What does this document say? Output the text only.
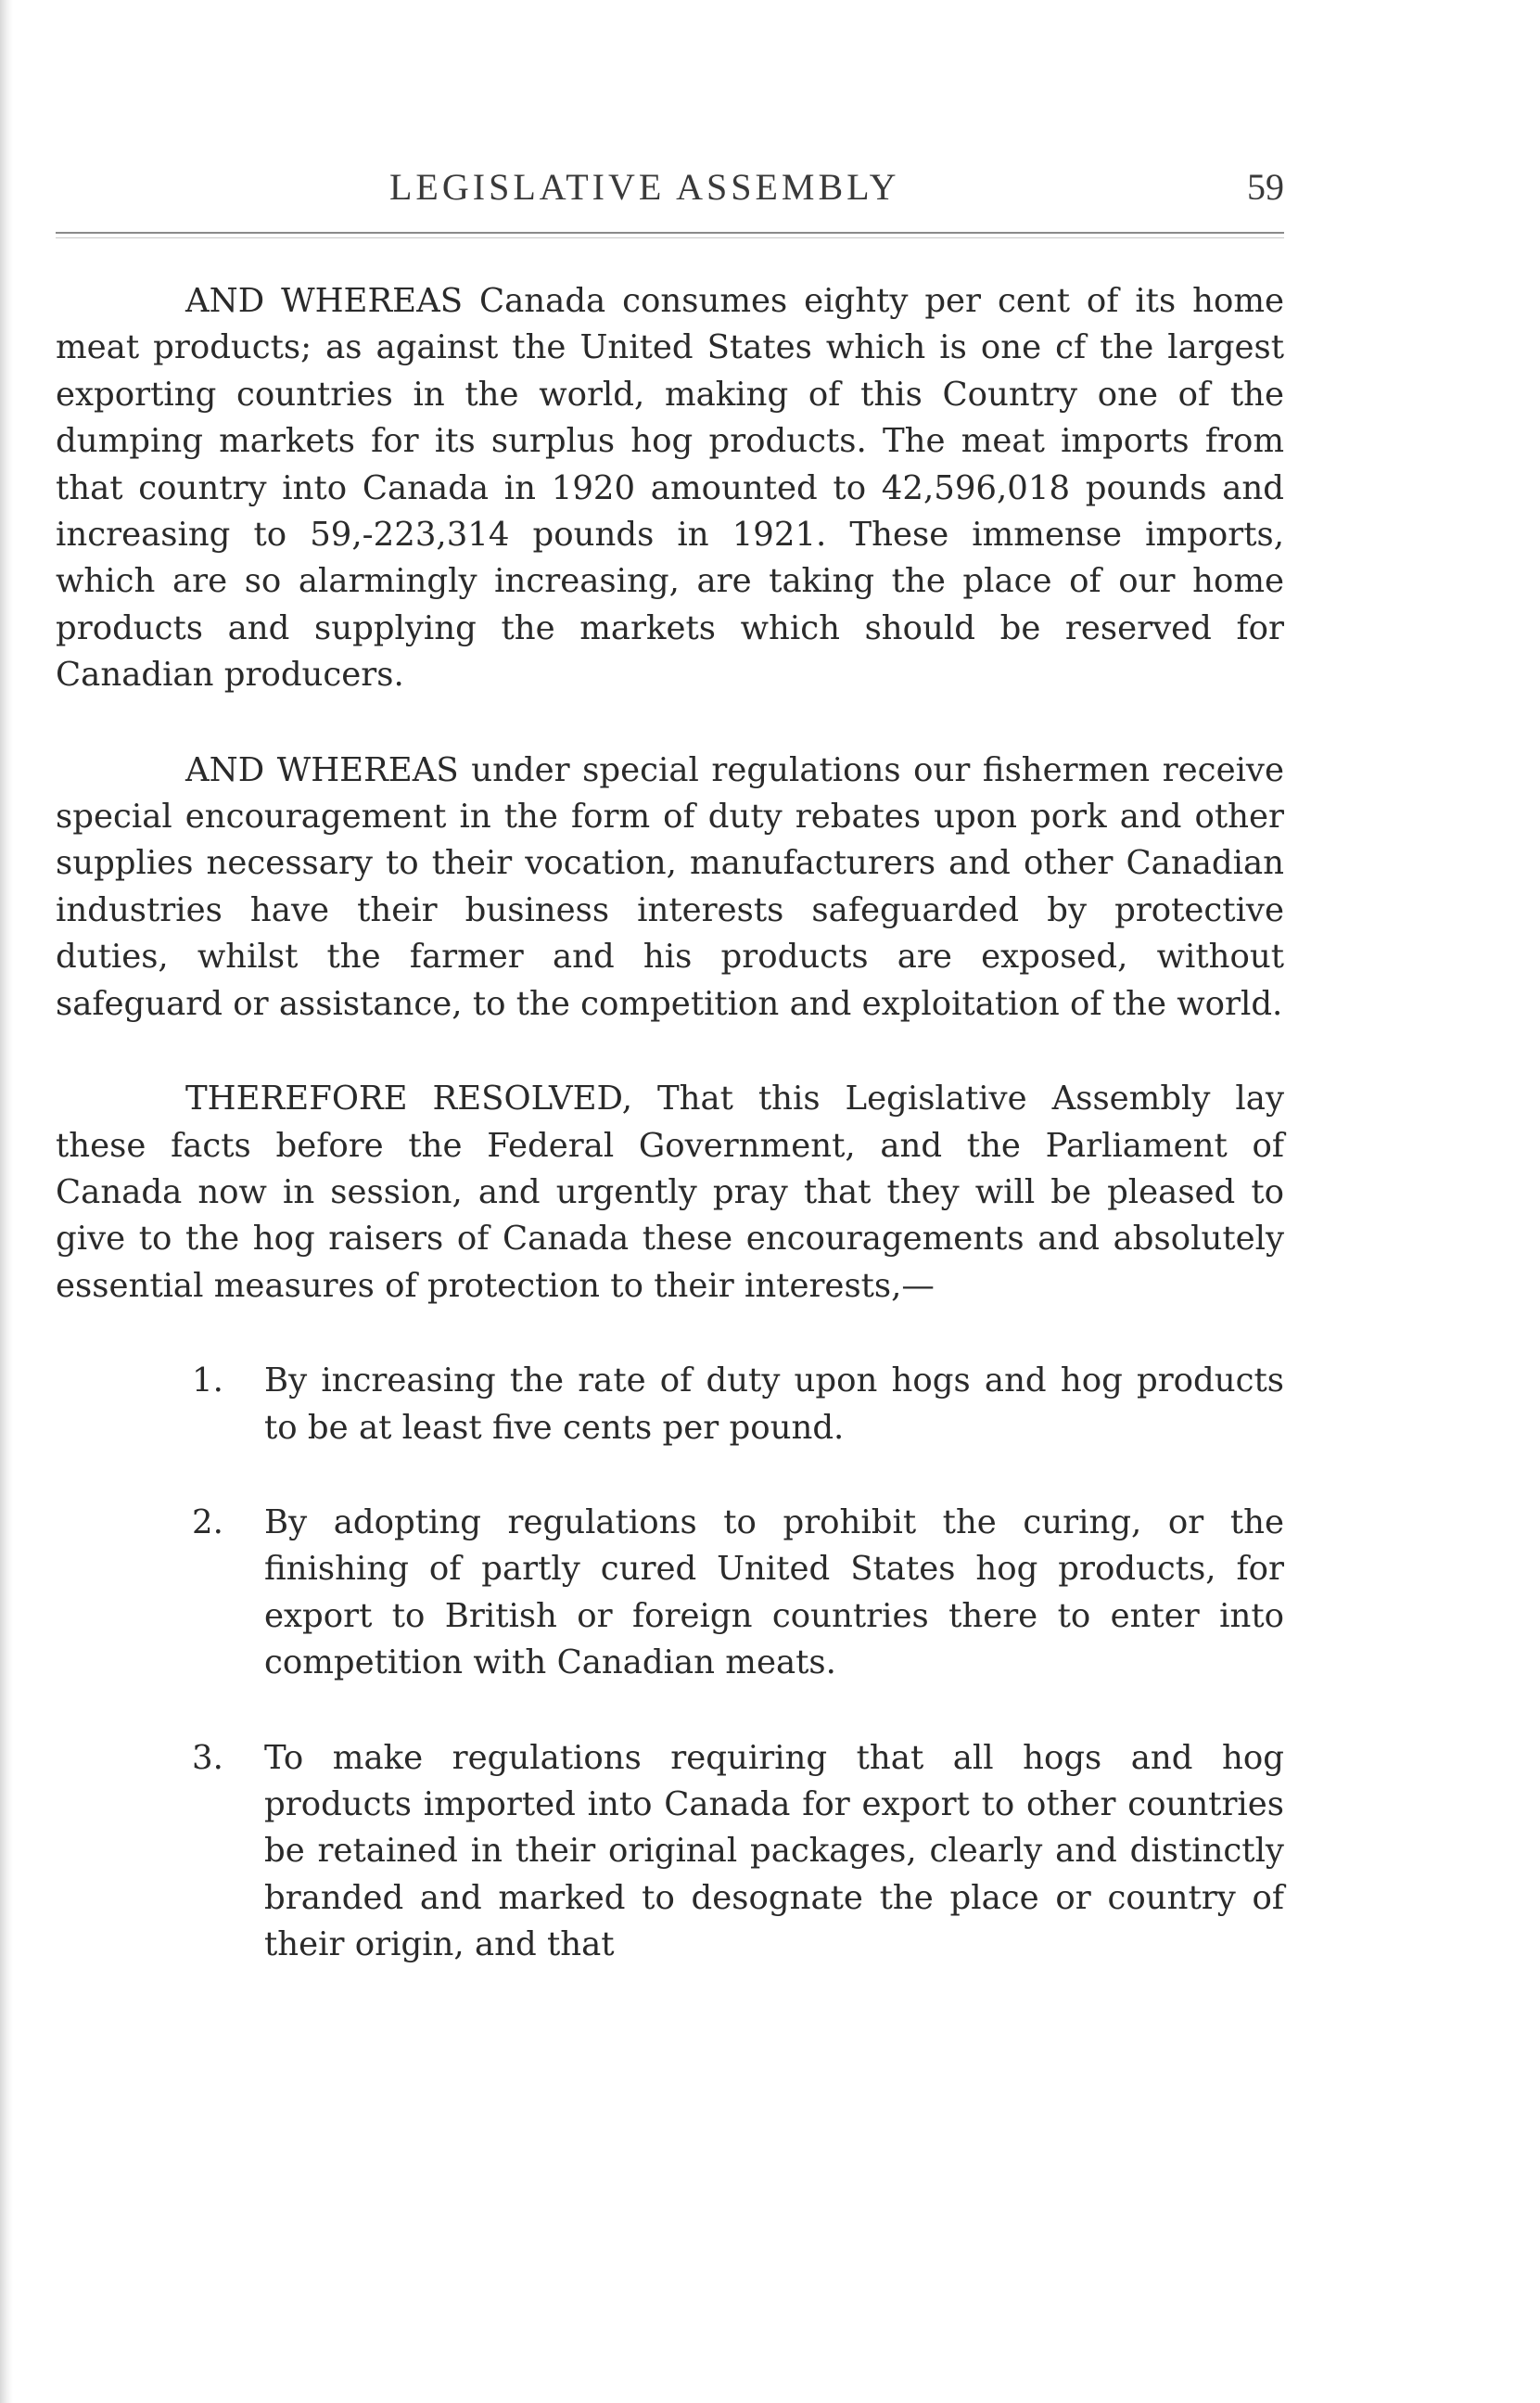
LEGISLATIVE ASSEMBLY	59

AND WHEREAS Canada consumes eighty per cent of its home meat products; as against the United States which is one cf the largest exporting countries in the world, making of this Country one of the dumping markets for its surplus hog products. The meat imports from that country into Canada in 1920 amounted to 42,596,018 pounds and increasing to 59,-223,314 pounds in 1921. These immense imports, which are so alarmingly increasing, are taking the place of our home products and supplying the markets which should be reserved for Canadian producers.

AND WHEREAS under special regulations our fishermen receive special encouragement in the form of duty rebates upon pork and other supplies necessary to their vocation, manufacturers and other Canadian industries have their business interests safeguarded by protective duties, whilst the farmer and his products are exposed, without safeguard or assistance, to the competition and exploitation of the world.

THEREFORE RESOLVED, That this Legislative Assembly lay these facts before the Federal Government, and the Parliament of Canada now in session, and urgently pray that they will be pleased to give to the hog raisers of Canada these encouragements and absolutely essential measures of protection to their interests,—

1. By increasing the rate of duty upon hogs and hog products to be at least five cents per pound.
2. By adopting regulations to prohibit the curing, or the finishing of partly cured United States hog products, for export to British or foreign countries there to enter into competition with Canadian meats.
3. To make regulations requiring that all hogs and hog products imported into Canada for export to other countries be retained in their original packages, clearly and distinctly branded and marked to desognate the place or country of their origin, and that
